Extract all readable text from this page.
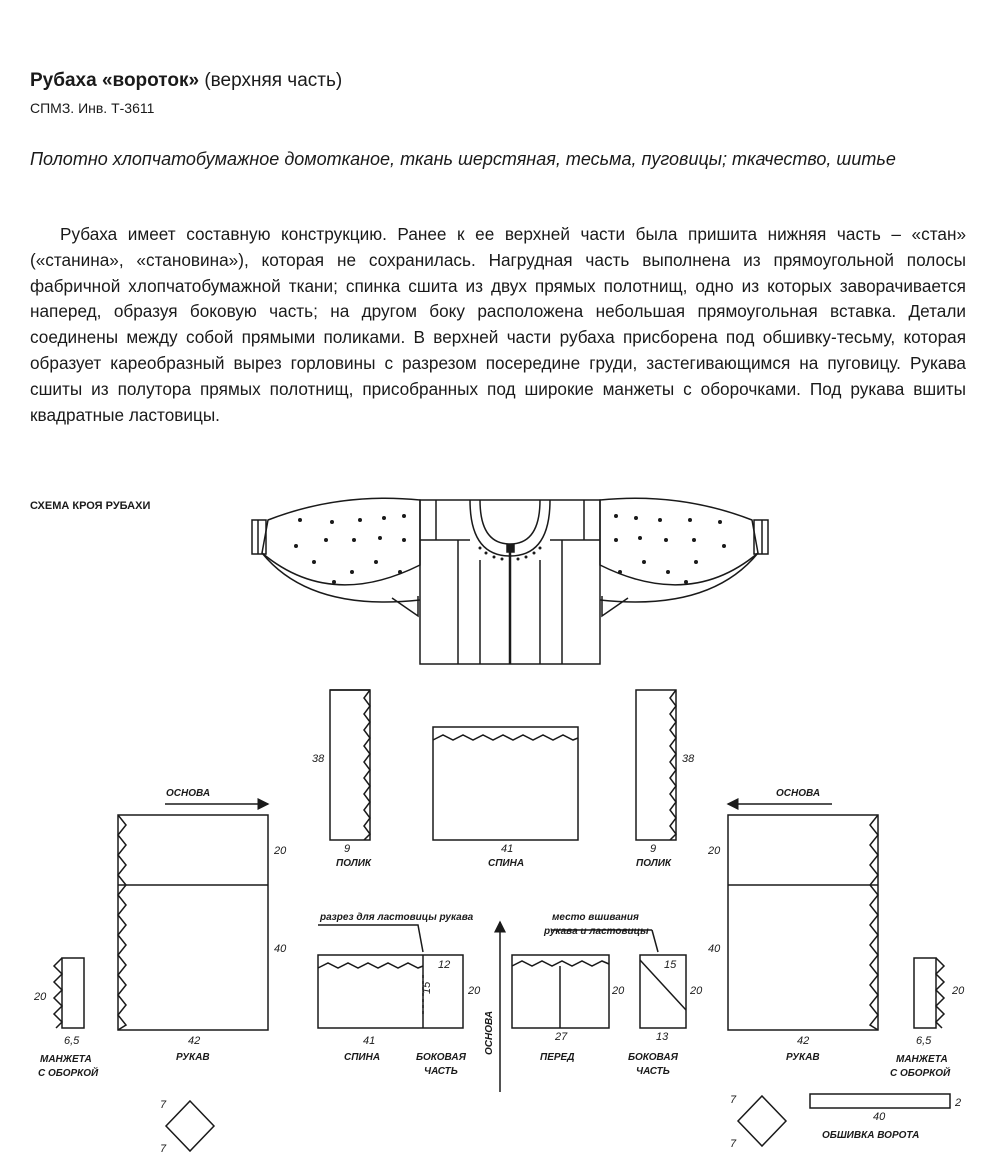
Рубаха «вороток» (верхняя часть)
СПМЗ. Инв. Т-3611
Полотно хлопчатобумажное домотканое, ткань шерстяная, тесьма, пуговицы; ткачество, шитье
Рубаха имеет составную конструкцию. Ранее к ее верхней части была пришита нижняя часть – «стан» («станина», «становина»), которая не сохранилась. Нагрудная часть выполнена из прямоугольной полосы фабричной хлопчатобумажной ткани; спинка сшита из двух прямых полотнищ, одно из которых заворачивается наперед, образуя боковую часть; на другом боку расположена небольшая прямоугольная вставка. Детали соединены между собой прямыми поликами. В верхней части рубаха присборена под обшивку-тесьму, которая образует карeобразный вырез горловины с разрезом посередине груди, застегивающимся на пуговицу. Рукава сшиты из полутора прямых полотнищ, присобранных под широкие манжеты с оборочками. Под рукава вшиты квадратные ластовицы.
СХЕМА КРОЯ РУБАХИ
38
9
ПОЛИК
41
СПИНА
38
9
ПОЛИК
ОСНОВА
20
40
42
РУКАВ
20
6,5
МАНЖЕТА
С ОБОРКОЙ
разрез для ластовицы рукава
12
15	20
41
СПИНА	БОКОВАЯ
ЧАСТЬ
ОСНОВА
место вшивания
рукава и ластовицы
20
27
ПЕРЕД
15
20
13
БОКОВАЯ
ЧАСТЬ
ОСНОВА
20
40
42
РУКАВ
20
6,5
МАНЖЕТА
С ОБОРКОЙ
7
7
7
7
2
40
ОБШИВКА ВОРОТА
